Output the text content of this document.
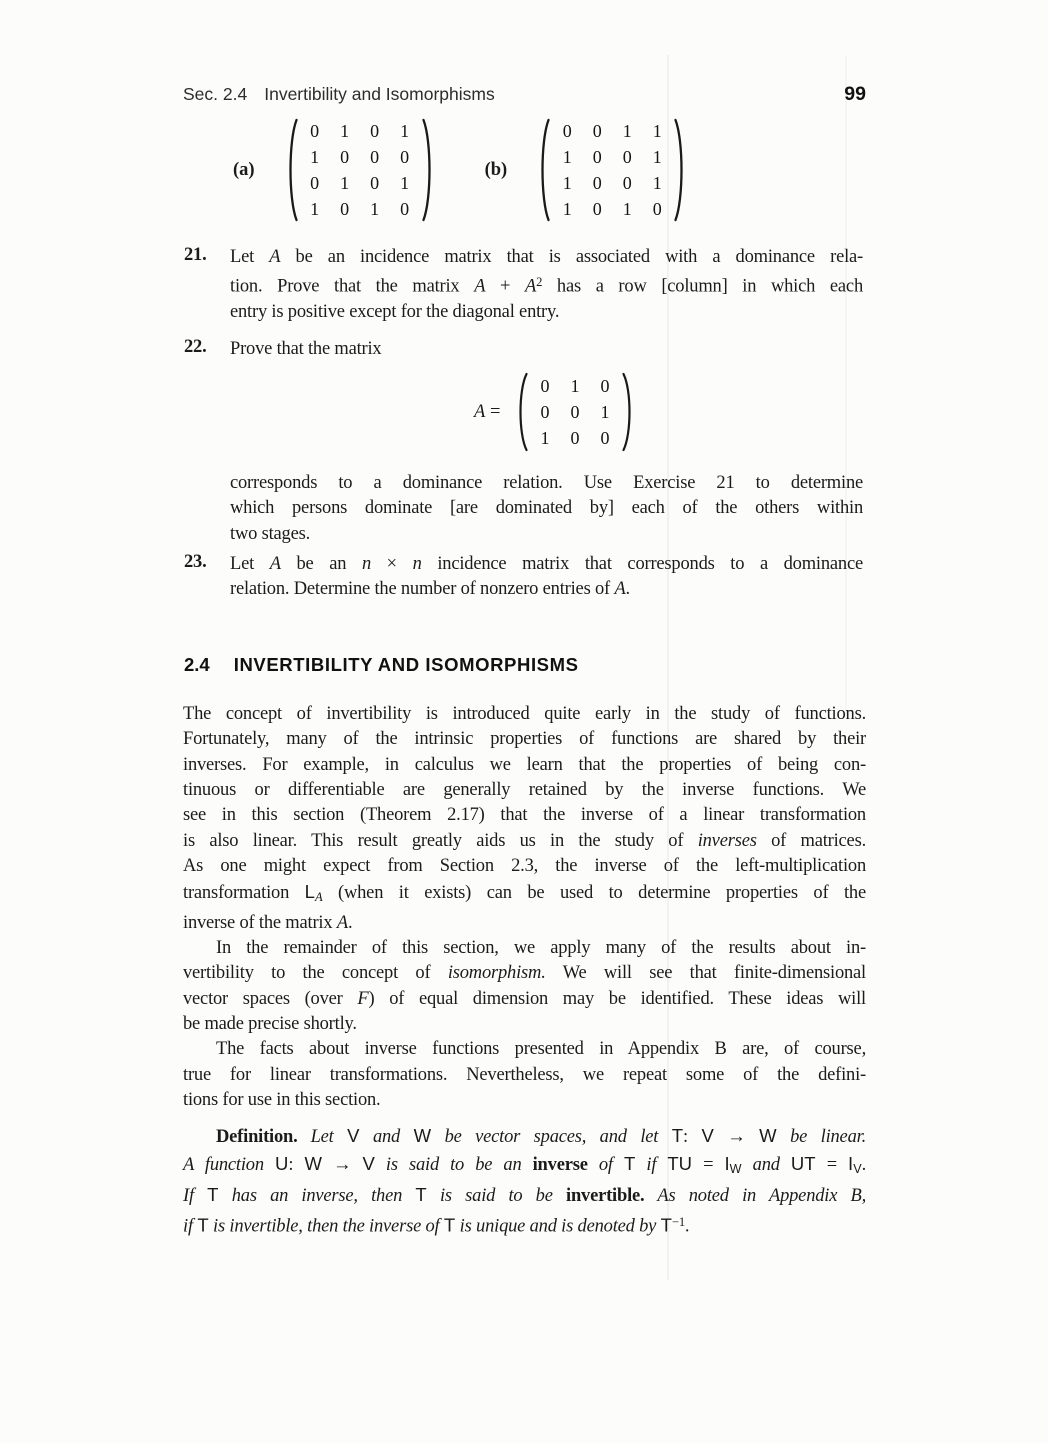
Sec. 2.4 Invertibility and Isomorphisms	99
(a)
0	1	0	1
1	0	0	0
0	1	0	1
1	0	1	0
(b)
0	0	1	1
1	0	0	1
1	0	0	1
1	0	1	0
21.	Let A be an incidence matrix that is associated with a dominance rela-
tion. Prove that the matrix $A + A^2$ has a row [column] in which each
entry is positive except for the diagonal entry.
22.	Prove that the matrix
A =
0	1	0
0	0	1
1	0	0
corresponds to a dominance relation. Use Exercise 21 to determine
which persons dominate [are dominated by] each of the others within
two stages.
23.	Let A be an n × n incidence matrix that corresponds to a dominance
relation. Determine the number of nonzero entries of A.
2.4 INVERTIBILITY AND ISOMORPHISMS
The concept of invertibility is introduced quite early in the study of functions.
Fortunately, many of the intrinsic properties of functions are shared by their
inverses. For example, in calculus we learn that the properties of being con-
tinuous or differentiable are generally retained by the inverse functions. We
see in this section (Theorem 2.17) that the inverse of a linear transformation
is also linear. This result greatly aids us in the study of inverses of matrices.
As one might expect from Section 2.3, the inverse of the left-multiplication
transformation LA (when it exists) can be used to determine properties of the
inverse of the matrix A.
In the remainder of this section, we apply many of the results about in-
vertibility to the concept of isomorphism. We will see that finite-dimensional
vector spaces (over F) of equal dimension may be identified. These ideas will
be made precise shortly.
The facts about inverse functions presented in Appendix B are, of course,
true for linear transformations. Nevertheless, we repeat some of the defini-
tions for use in this section.
Definition. Let V and W be vector spaces, and let T: V → W be linear.
A function U: W → V is said to be an inverse of T if TU = IW and UT = IV.
If T has an inverse, then T is said to be invertible. As noted in Appendix B,
if T is invertible, then the inverse of T is unique and is denoted by $T^{-1}$.
